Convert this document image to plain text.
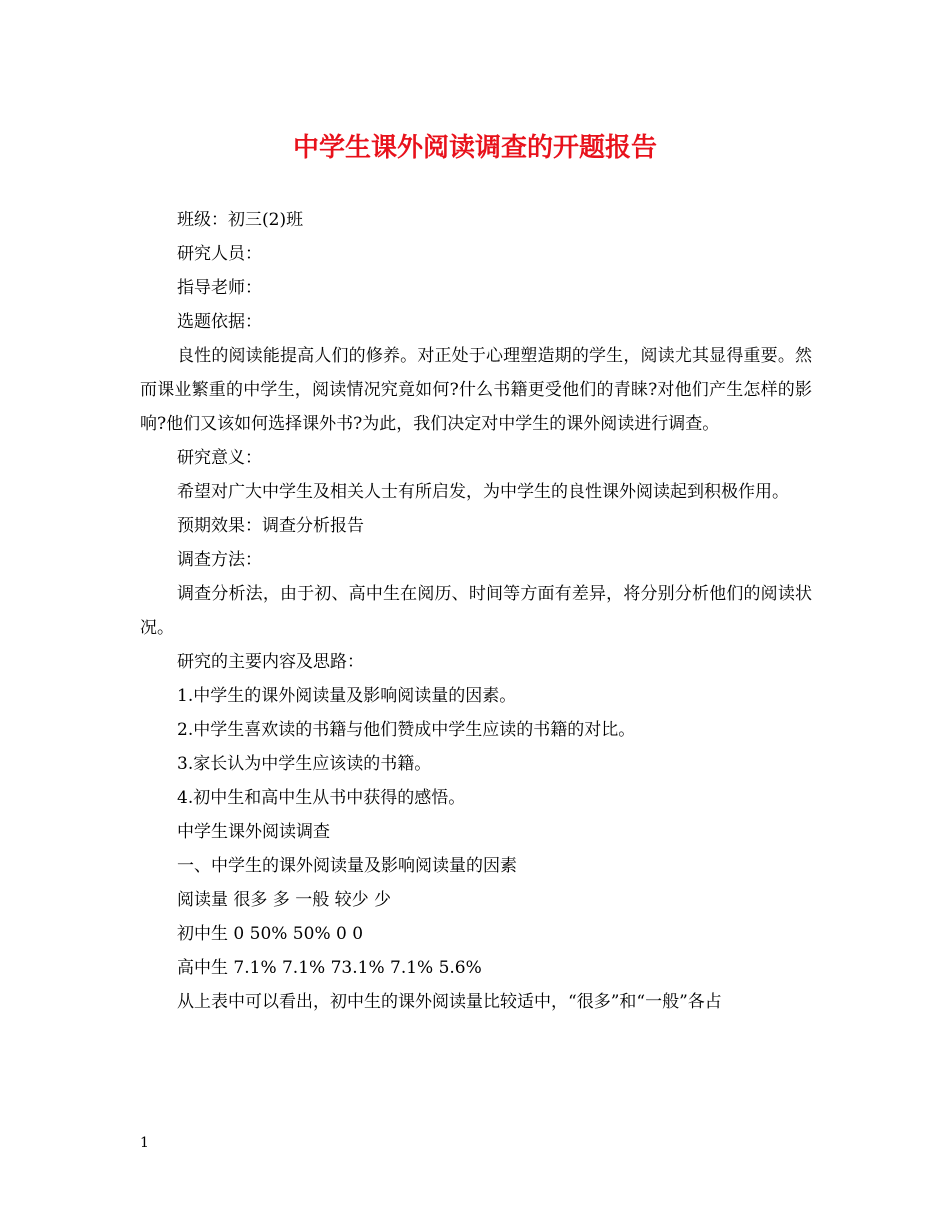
中学生课外阅读调查的开题报告

班级：初三(2)班

研究人员：

指导老师：

选题依据：

良性的阅读能提高人们的修养。对正处于心理塑造期的学生，阅读尤其显得重要。然而课业繁重的中学生，阅读情况究竟如何?什么书籍更受他们的青睐?对他们产生怎样的影响?他们又该如何选择课外书?为此，我们决定对中学生的课外阅读进行调查。

研究意义：

希望对广大中学生及相关人士有所启发，为中学生的良性课外阅读起到积极作用。

预期效果：调查分析报告

调查方法：

调查分析法，由于初、高中生在阅历、时间等方面有差异，将分别分析他们的阅读状况。

研究的主要内容及思路：

1.中学生的课外阅读量及影响阅读量的因素。

2.中学生喜欢读的书籍与他们赞成中学生应读的书籍的对比。

3.家长认为中学生应该读的书籍。

4.初中生和高中生从书中获得的感悟。

中学生课外阅读调查

一、中学生的课外阅读量及影响阅读量的因素

阅读量 很多 多 一般 较少 少

初中生 0 50% 50% 0 0

高中生 7.1% 7.1% 73.1% 7.1% 5.6%

从上表中可以看出，初中生的课外阅读量比较适中，“很多”和“一般”各占

1
